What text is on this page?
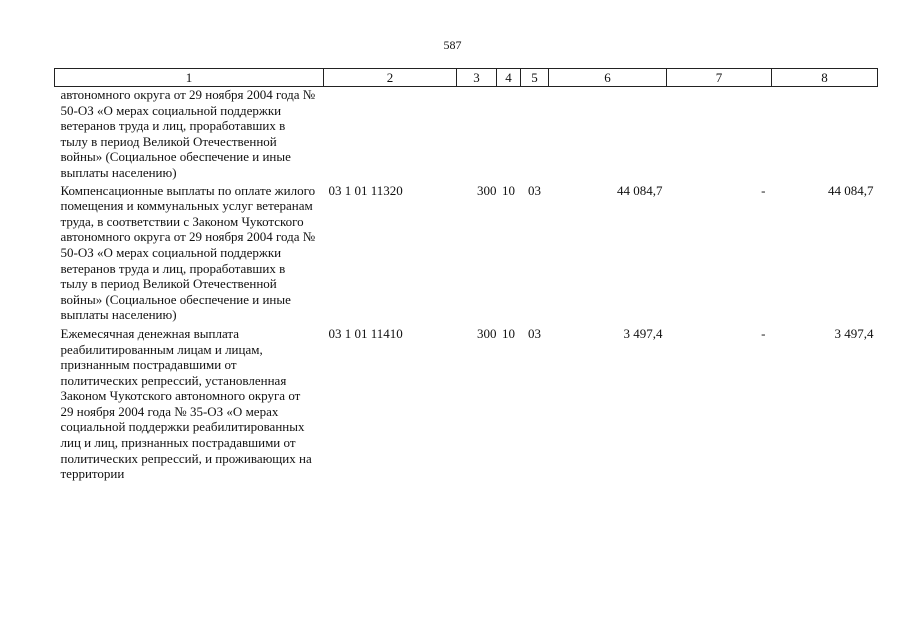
587
1	2	3	4	5	6	7	8
автономного округа от 29 ноября 2004 года № 50-ОЗ «О мерах социальной поддержки ветеранов труда и лиц, проработавших в тылу в период Великой Отечественной войны» (Социальное обеспечение и иные выплаты населению)							
Компенсационные выплаты по оплате жилого помещения и коммунальных услуг ветеранам труда, в соответствии с Законом Чукотского автономного округа от 29 ноября 2004 года № 50-ОЗ «О мерах социальной поддержки ветеранов труда и лиц, проработавших в тылу в период Великой Отечественной войны» (Социальное обеспечение и иные выплаты населению)	03 1 01 11320	300	10	03	44 084,7	-	44 084,7
Ежемесячная денежная выплата реабилитированным лицам и лицам, признанным пострадавшими от политических репрессий, установленная Законом Чукотского автономного округа от 29 ноября 2004 года № 35-ОЗ «О мерах социальной поддержки реабилитированных лиц и лиц, признанных пострадавшими от политических репрессий, и проживающих на территории	03 1 01 11410	300	10	03	3 497,4	-	3 497,4
